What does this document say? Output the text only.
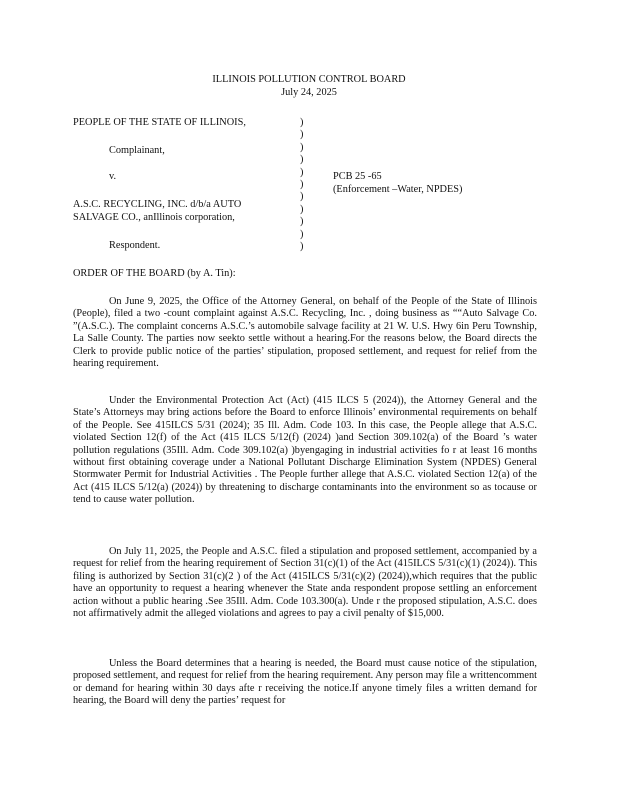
ILLINOIS POLLUTION CONTROL BOARD
July 24, 2025
PEOPLE OF THE STATE OF ILLINOIS,
Complainant,
v.
A.S.C. RECYCLING, INC. d/b/a AUTO
SALVAGE CO., anIllinois corporation,
Respondent.
)
)
)
)
)
)
)
)
)
)
)
PCB 25 -65
(Enforcement –Water, NPDES)
ORDER OF THE BOARD (by A. Tin):
On June 9, 2025, the Office of the Attorney General, on behalf of the People of the State of Illinois (People), filed a two -count complaint against A.S.C. Recycling, Inc. , doing business as ““Auto Salvage Co. ”(A.S.C.). The complaint concerns A.S.C.’s automobile salvage facility at 21 W. U.S. Hwy 6in Peru Township, La Salle County. The parties now seekto settle without a hearing.For the reasons below, the Board directs the Clerk to provide public notice of the parties’ stipulation, proposed settlement, and request for relief from the hearing requirement.
Under the Environmental Protection Act (Act) (415 ILCS 5 (2024)), the Attorney General and the State’s Attorneys may bring actions before the Board to enforce Illinois’ environmental requirements on behalf of the People. See 415ILCS 5/31 (2024); 35 Ill. Adm. Code 103. In this case, the People allege that A.S.C. violated Section 12(f) of the Act (415 ILCS 5/12(f) (2024) )and Section 309.102(a) of the Board ’s water pollution regulations (35Ill. Adm. Code 309.102(a) )byengaging in industrial activities fo r at least 16 months without first obtaining coverage under a National Pollutant Discharge Elimination System (NPDES) General Stormwater Permit for Industrial Activities . The People further allege that A.S.C. violated Section 12(a) of the Act (415 ILCS 5/12(a) (2024)) by threatening to discharge contaminants into the environment so as tocause or tend to cause water pollution.
On July 11, 2025, the People and A.S.C. filed a stipulation and proposed settlement, accompanied by a request for relief from the hearing requirement of Section 31(c)(1) of the Act (415ILCS 5/31(c)(1) (2024)). This filing is authorized by Section 31(c)(2 ) of the Act (415ILCS 5/31(c)(2) (2024)),which requires that the public have an opportunity to request a hearing whenever the State anda respondent propose settling an enforcement action without a public hearing .See 35Ill. Adm. Code 103.300(a). Unde r the proposed stipulation, A.S.C. does not affirmatively admit the alleged violations and agrees to pay a civil penalty of $15,000.
Unless the Board determines that a hearing is needed, the Board must cause notice of the stipulation, proposed settlement, and request for relief from the hearing requirement. Any person may file a writtencomment or demand for hearing within 30 days afte r receiving the notice.If anyone timely files a written demand for hearing, the Board will deny the parties’ request for
